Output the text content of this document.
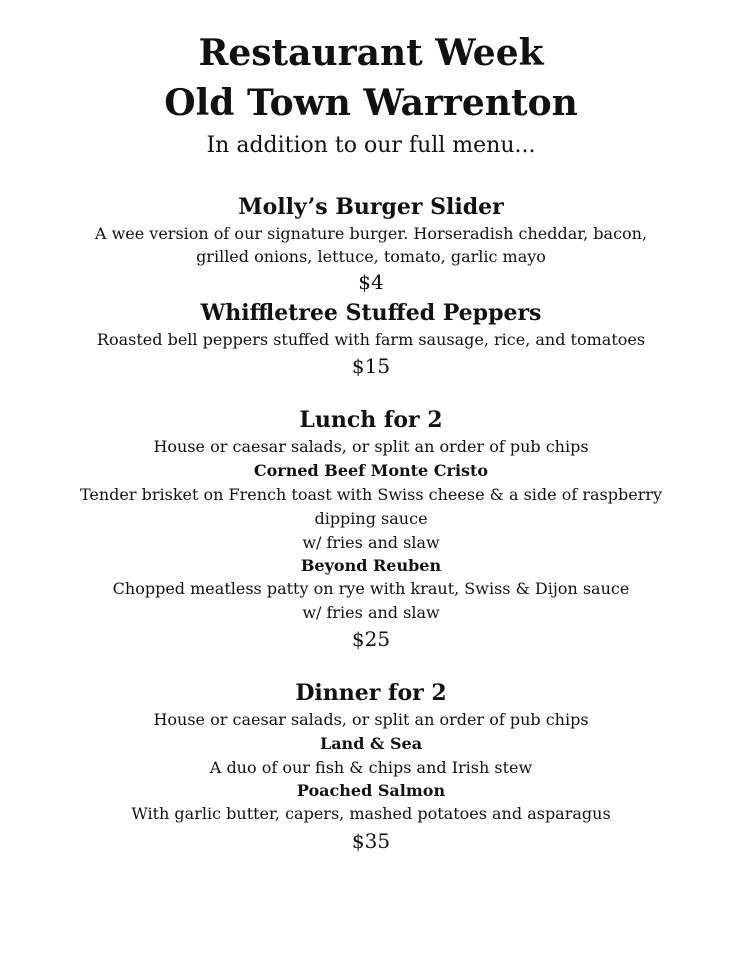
Restaurant Week
Old Town Warrenton
In addition to our full menu...
Molly’s Burger Slider
A wee version of our signature burger. Horseradish cheddar, bacon,
grilled onions, lettuce, tomato, garlic mayo
$4
Whiffletree Stuffed Peppers
Roasted bell peppers stuffed with farm sausage, rice, and tomatoes
$15
Lunch for 2
House or caesar salads, or split an order of pub chips
Corned Beef Monte Cristo
Tender brisket on French toast with Swiss cheese & a side of raspberry
dipping sauce
w/ fries and slaw
Beyond Reuben
Chopped meatless patty on rye with kraut, Swiss & Dijon sauce
w/ fries and slaw
$25
Dinner for 2
House or caesar salads, or split an order of pub chips
Land & Sea
A duo of our fish & chips and Irish stew
Poached Salmon
With garlic butter, capers, mashed potatoes and asparagus
$35
